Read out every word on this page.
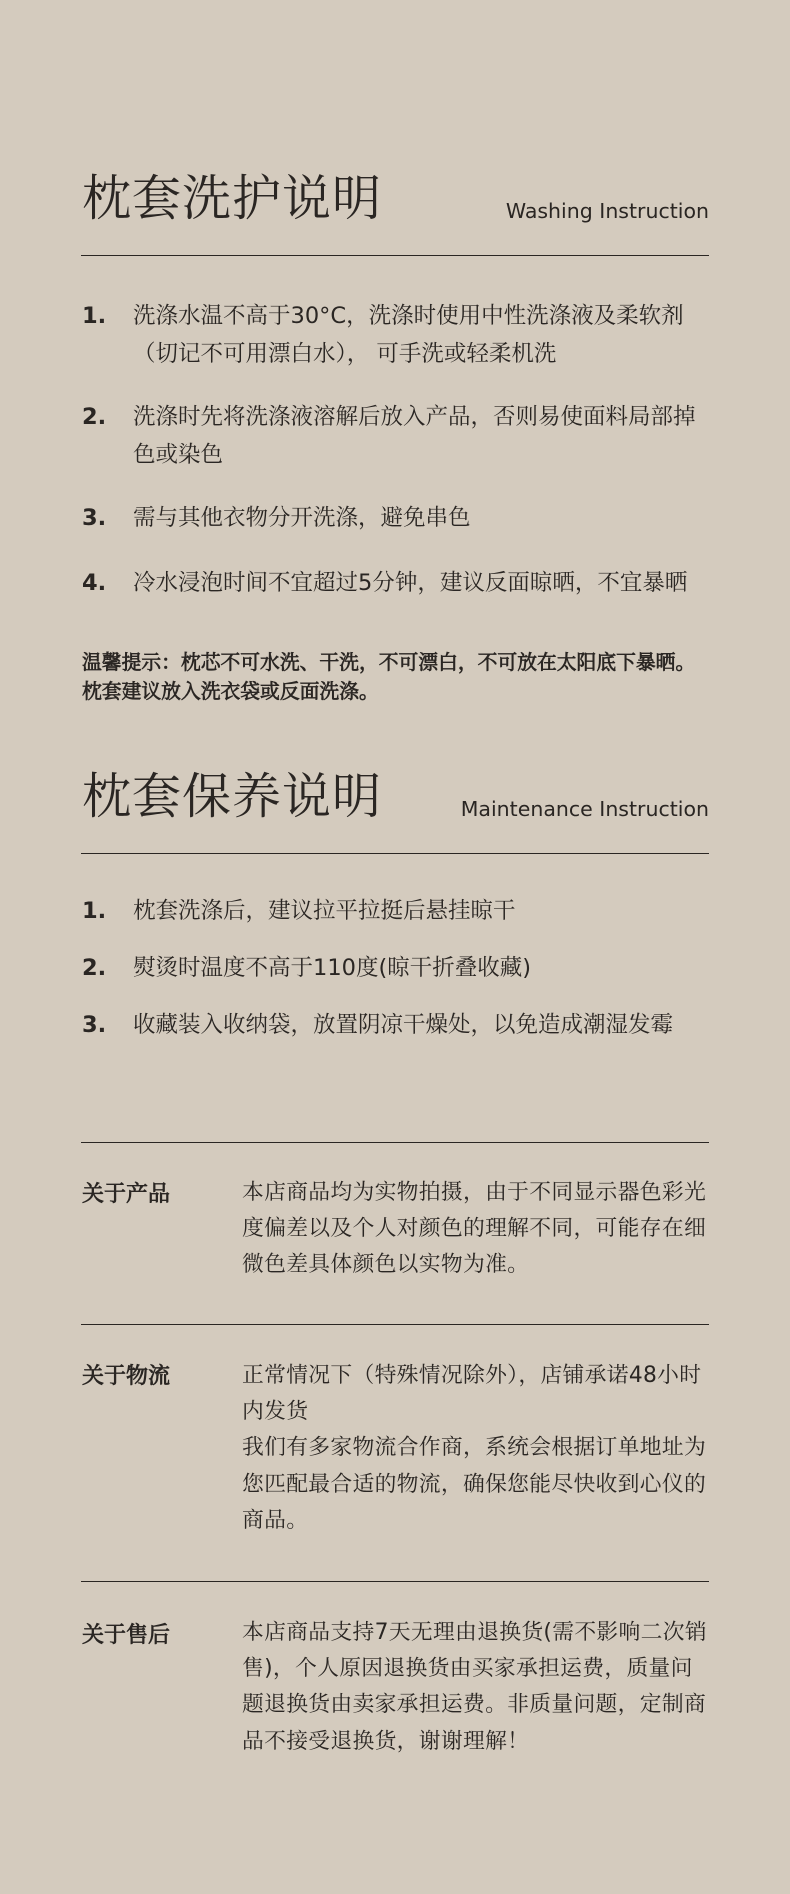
枕套洗护说明	Washing Instruction
1. 洗涤水温不高于30°C，洗涤时使用中性洗涤液及柔软剂
（切记不可用漂白水）， 可手洗或轻柔机洗
2. 洗涤时先将洗涤液溶解后放入产品，否则易使面料局部掉
色或染色
3. 需与其他衣物分开洗涤，避免串色
4. 冷水浸泡时间不宜超过5分钟，建议反面晾晒，不宜暴晒
温馨提示：枕芯不可水洗、干洗，不可漂白，不可放在太阳底下暴晒。
枕套建议放入洗衣袋或反面洗涤。
枕套保养说明	Maintenance Instruction
1. 枕套洗涤后，建议拉平拉挺后悬挂晾干
2. 熨烫时温度不高于110度(晾干折叠收藏)
3. 收藏装入收纳袋，放置阴凉干燥处，以免造成潮湿发霉
关于产品	本店商品均为实物拍摄，由于不同显示器色彩光
度偏差以及个人对颜色的理解不同，可能存在细
微色差具体颜色以实物为准。
关于物流	正常情况下（特殊情况除外），店铺承诺48小时
内发货
我们有多家物流合作商，系统会根据订单地址为
您匹配最合适的物流，确保您能尽快收到心仪的
商品。
关于售后	本店商品支持7天无理由退换货(需不影响二次销
售)，个人原因退换货由买家承担运费，质量问
题退换货由卖家承担运费。非质量问题，定制商
品不接受退换货，谢谢理解！
